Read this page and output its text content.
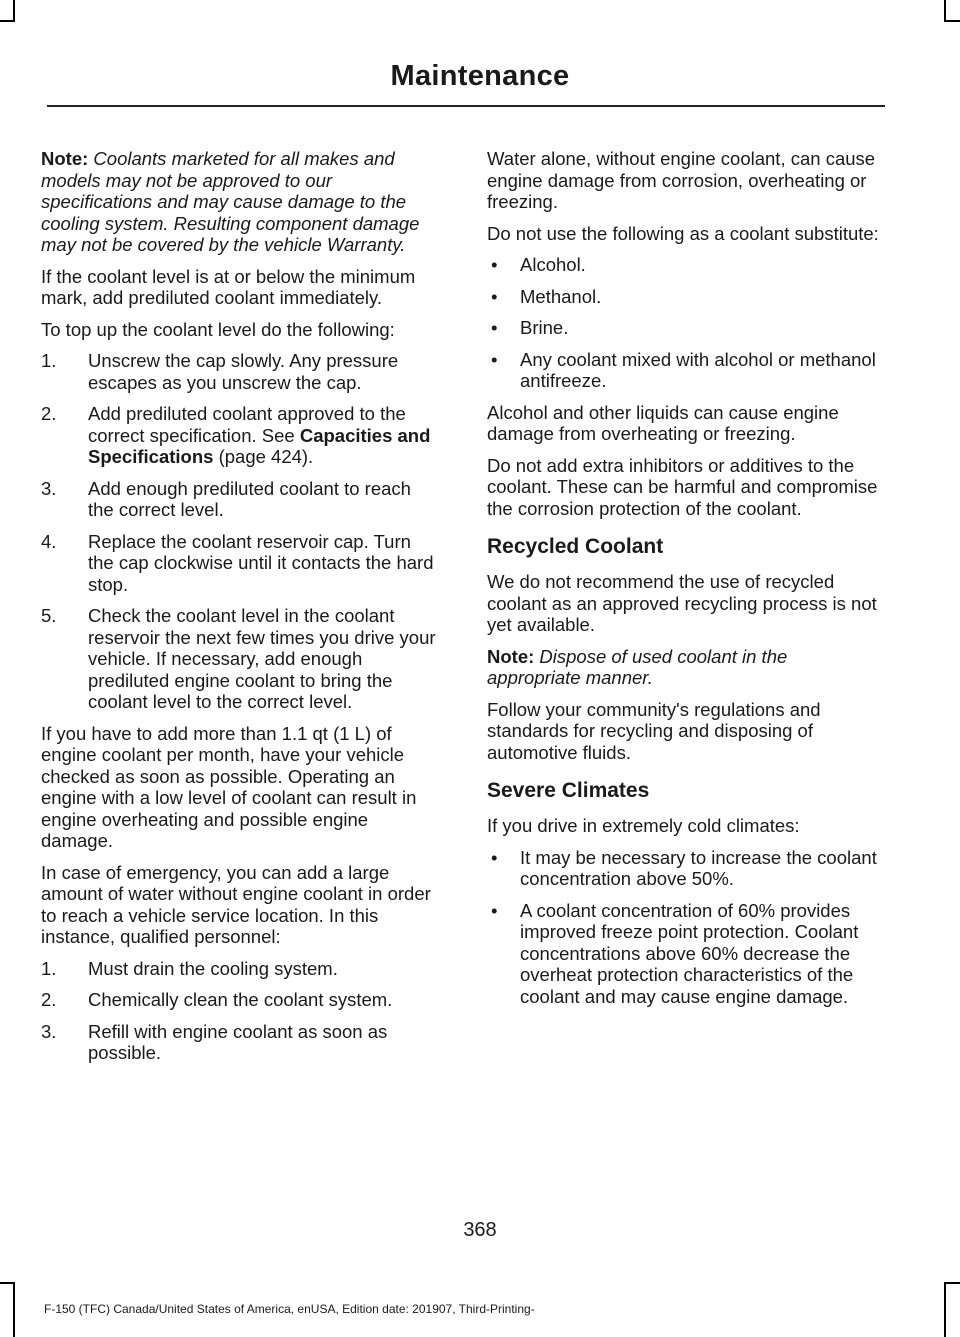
Maintenance

Note: Coolants marketed for all makes and models may not be approved to our specifications and may cause damage to the cooling system. Resulting component damage may not be covered by the vehicle Warranty.

If the coolant level is at or below the minimum mark, add prediluted coolant immediately.

To top up the coolant level do the following:

1. Unscrew the cap slowly. Any pressure escapes as you unscrew the cap.
2. Add prediluted coolant approved to the correct specification. See Capacities and Specifications (page 424).
3. Add enough prediluted coolant to reach the correct level.
4. Replace the coolant reservoir cap. Turn the cap clockwise until it contacts the hard stop.
5. Check the coolant level in the coolant reservoir the next few times you drive your vehicle. If necessary, add enough prediluted engine coolant to bring the coolant level to the correct level.

If you have to add more than 1.1 qt (1 L) of engine coolant per month, have your vehicle checked as soon as possible. Operating an engine with a low level of coolant can result in engine overheating and possible engine damage.

In case of emergency, you can add a large amount of water without engine coolant in order to reach a vehicle service location. In this instance, qualified personnel:

1. Must drain the cooling system.
2. Chemically clean the coolant system.
3. Refill with engine coolant as soon as possible.

Water alone, without engine coolant, can cause engine damage from corrosion, overheating or freezing.

Do not use the following as a coolant substitute:

• Alcohol.
• Methanol.
• Brine.
• Any coolant mixed with alcohol or methanol antifreeze.

Alcohol and other liquids can cause engine damage from overheating or freezing.

Do not add extra inhibitors or additives to the coolant. These can be harmful and compromise the corrosion protection of the coolant.

Recycled Coolant

We do not recommend the use of recycled coolant as an approved recycling process is not yet available.

Note: Dispose of used coolant in the appropriate manner.

Follow your community's regulations and standards for recycling and disposing of automotive fluids.

Severe Climates

If you drive in extremely cold climates:

• It may be necessary to increase the coolant concentration above 50%.
• A coolant concentration of 60% provides improved freeze point protection. Coolant concentrations above 60% decrease the overheat protection characteristics of the coolant and may cause engine damage.
368
F-150 (TFC) Canada/United States of America, enUSA, Edition date: 201907, Third-Printing-
